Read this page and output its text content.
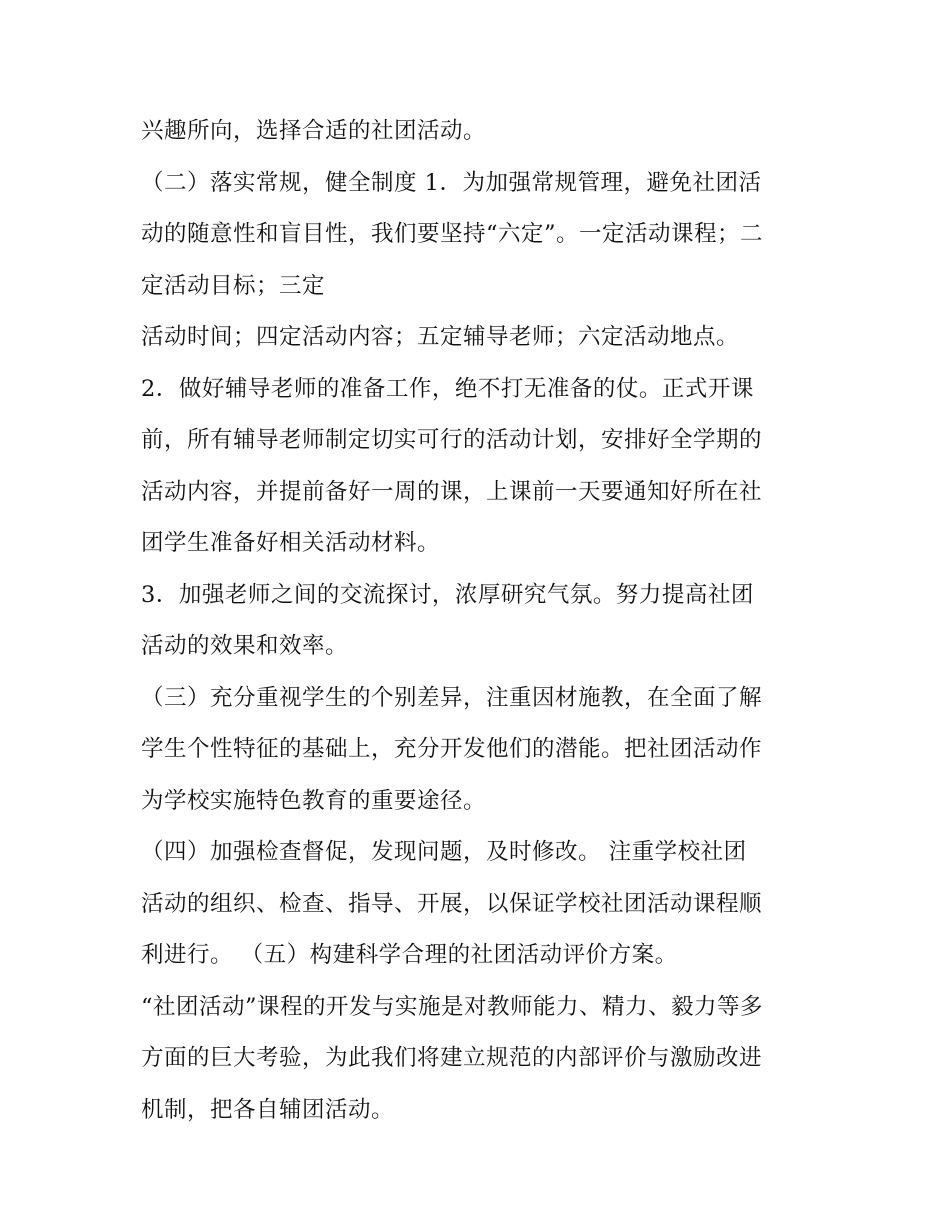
兴趣所向，选择合适的社团活动。
（二）落实常规，健全制度 1．为加强常规管理，避免社团活
动的随意性和盲目性，我们要坚持“六定”。一定活动课程；二
定活动目标；三定
活动时间；四定活动内容；五定辅导老师；六定活动地点。
2．做好辅导老师的准备工作，绝不打无准备的仗。正式开课
前，所有辅导老师制定切实可行的活动计划，安排好全学期的
活动内容，并提前备好一周的课，上课前一天要通知好所在社
团学生准备好相关活动材料。
3．加强老师之间的交流探讨，浓厚研究气氛。努力提高社团
活动的效果和效率。
（三）充分重视学生的个别差异，注重因材施教，在全面了解
学生个性特征的基础上，充分开发他们的潜能。把社团活动作
为学校实施特色教育的重要途径。
（四）加强检查督促，发现问题，及时修改。 注重学校社团
活动的组织、检查、指导、开展，以保证学校社团活动课程顺
利进行。 （五）构建科学合理的社团活动评价方案。
“社团活动”课程的开发与实施是对教师能力、精力、毅力等多
方面的巨大考验，为此我们将建立规范的内部评价与激励改进
机制，把各自辅团活动。
